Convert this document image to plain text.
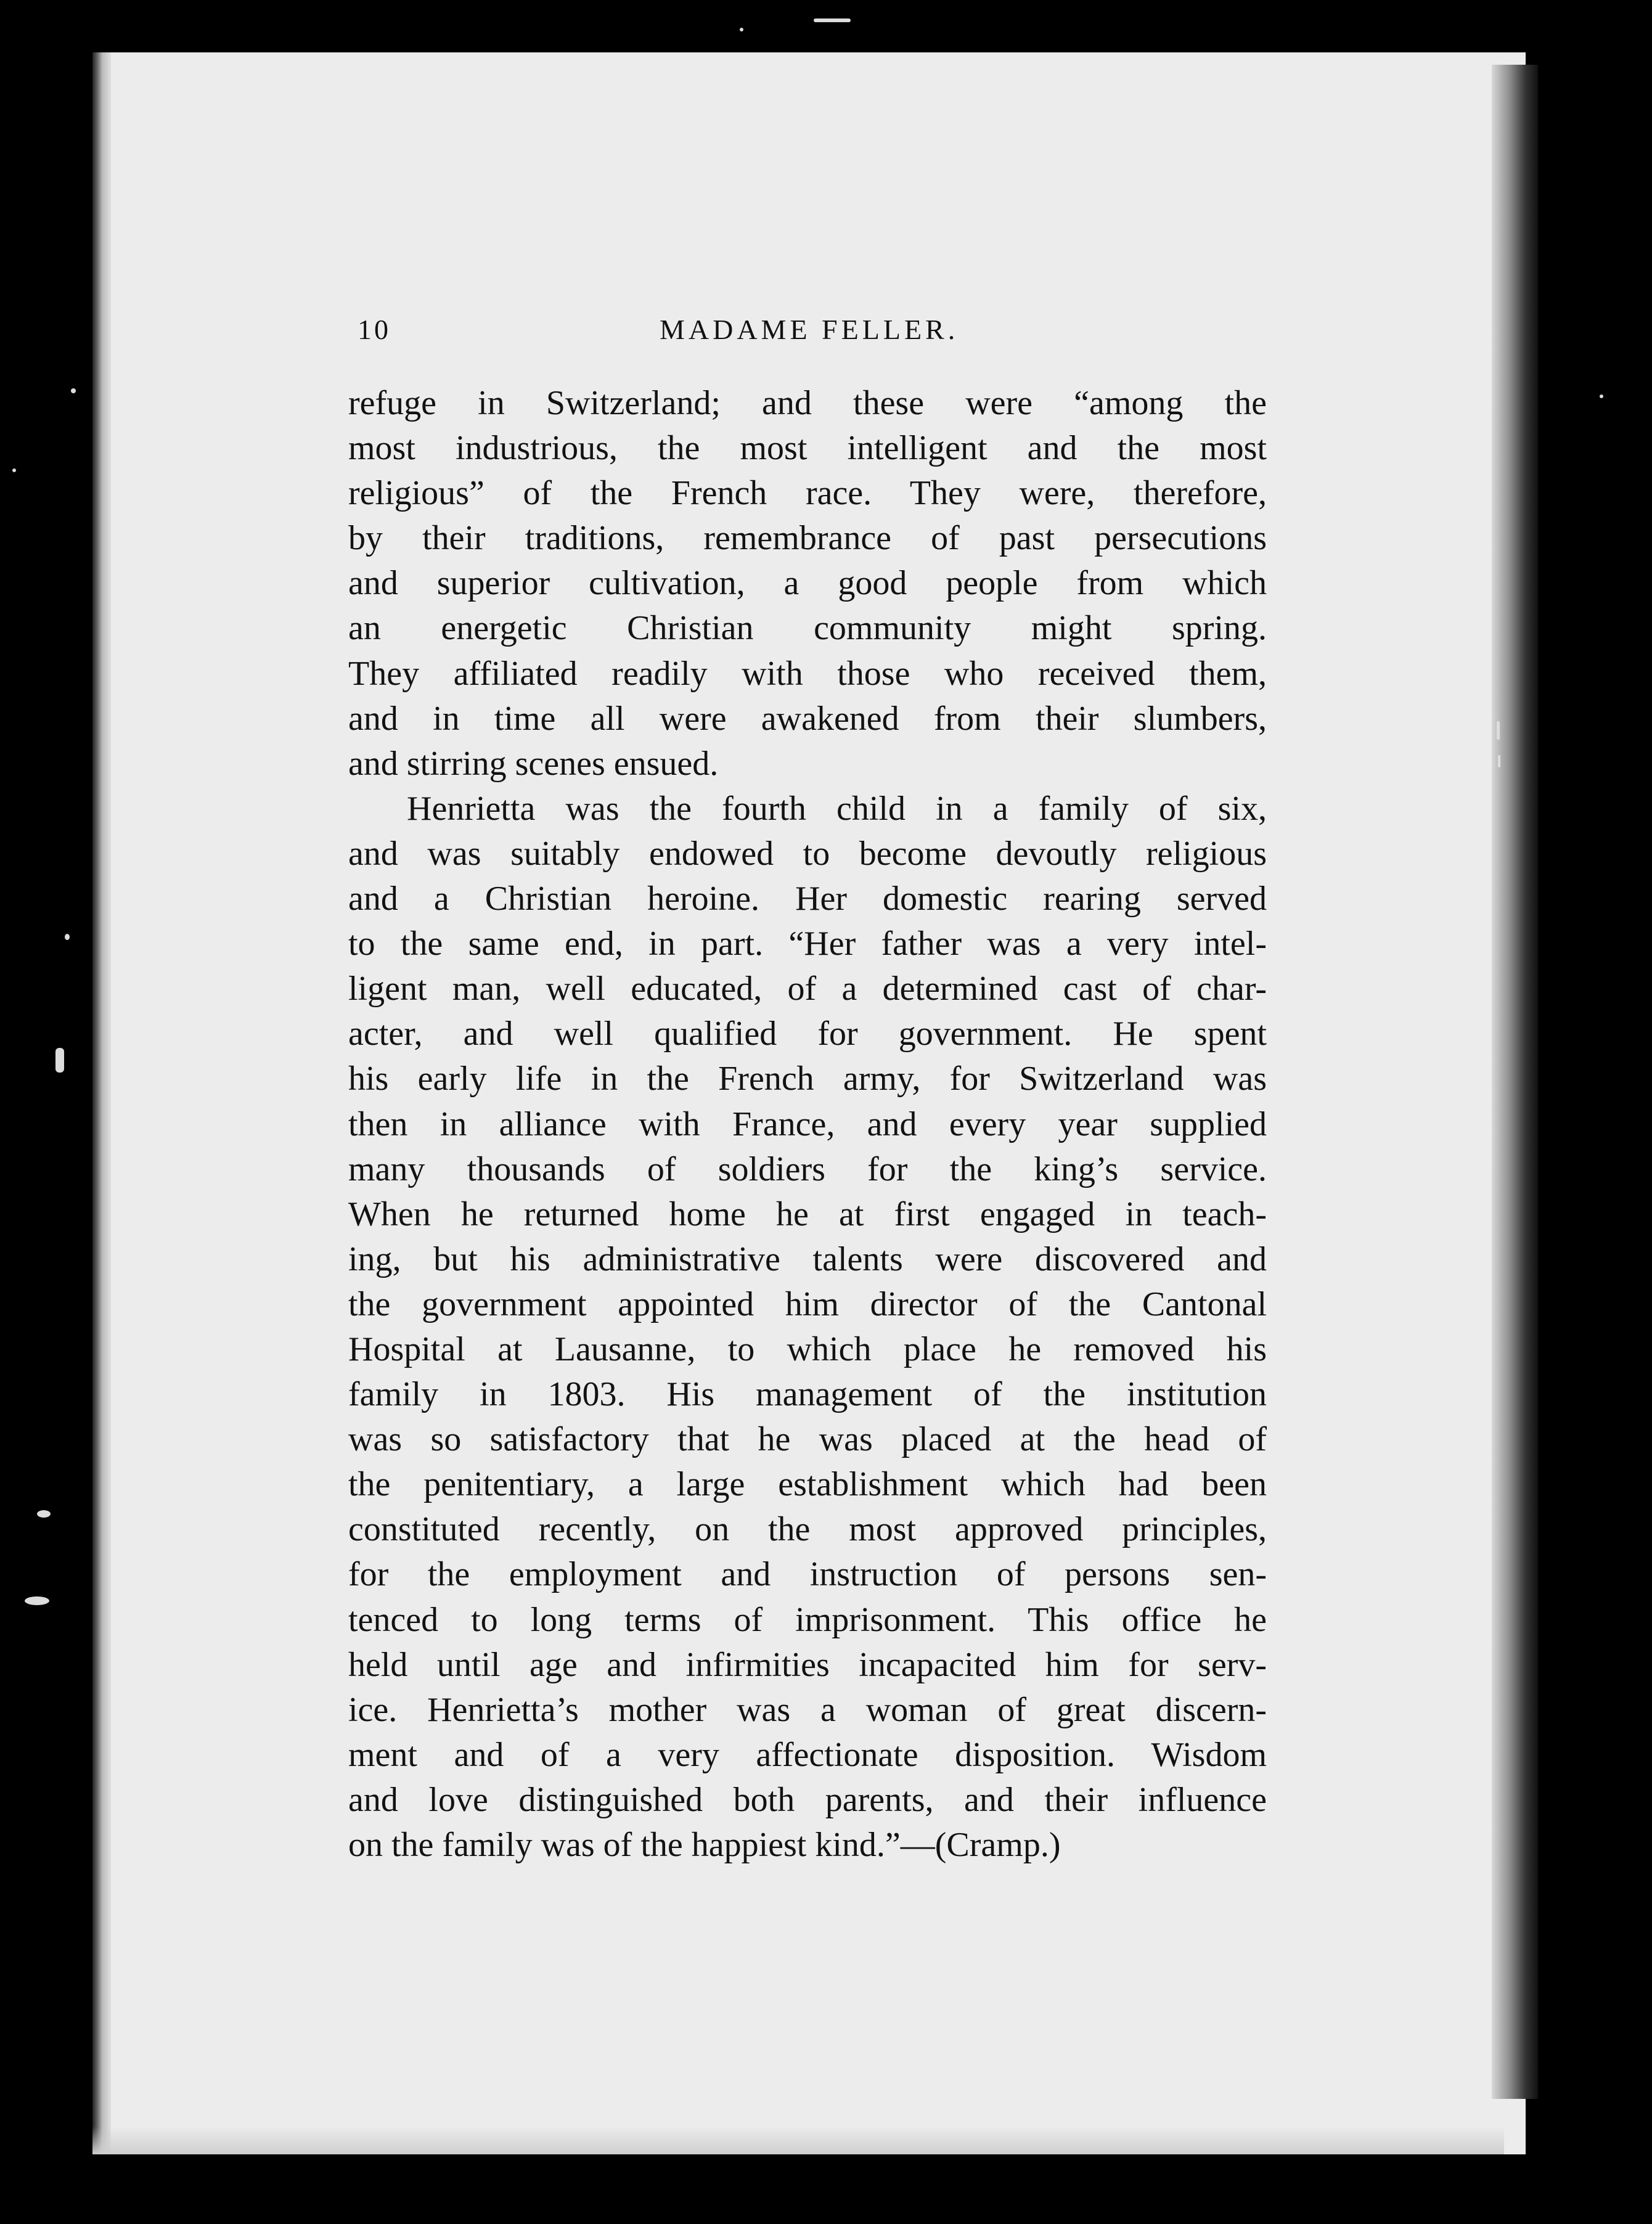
10	MADAME FELLER.
refuge in Switzerland; and these were “among the
most industrious, the most intelligent and the most
religious” of the French race. They were, therefore,
by their traditions, remembrance of past persecutions
and superior cultivation, a good people from which
an energetic Christian community might spring.
They affiliated readily with those who received them,
and in time all were awakened from their slumbers,
and stirring scenes ensued.
Henrietta was the fourth child in a family of six,
and was suitably endowed to become devoutly religious
and a Christian heroine. Her domestic rearing served
to the same end, in part. “Her father was a very intel-
ligent man, well educated, of a determined cast of char-
acter, and well qualified for government. He spent
his early life in the French army, for Switzerland was
then in alliance with France, and every year supplied
many thousands of soldiers for the king’s service.
When he returned home he at first engaged in teach-
ing, but his administrative talents were discovered and
the government appointed him director of the Cantonal
Hospital at Lausanne, to which place he removed his
family in 1803. His management of the institution
was so satisfactory that he was placed at the head of
the penitentiary, a large establishment which had been
constituted recently, on the most approved principles,
for the employment and instruction of persons sen-
tenced to long terms of imprisonment. This office he
held until age and infirmities incapacited him for serv-
ice. Henrietta’s mother was a woman of great discern-
ment and of a very affectionate disposition. Wisdom
and love distinguished both parents, and their influence
on the family was of the happiest kind.”—(Cramp.)
